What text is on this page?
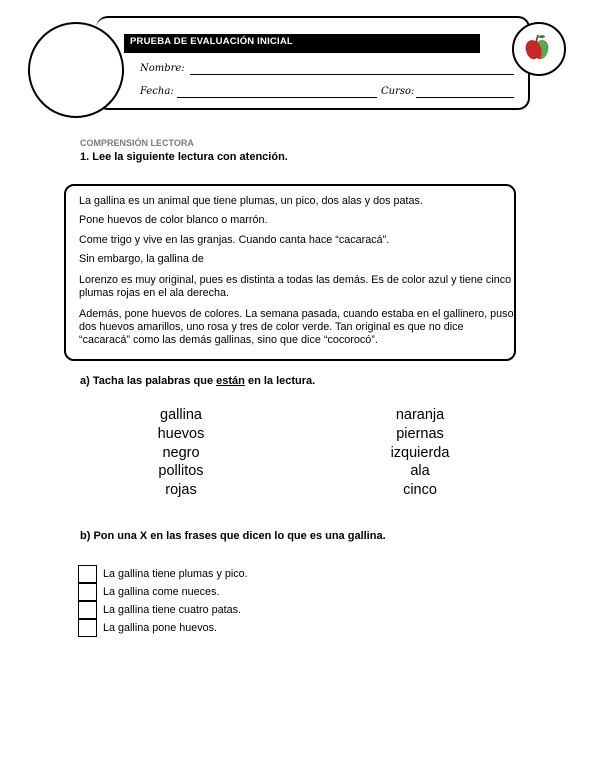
PRUEBA DE EVALUACIÓN INICIAL
Nombre:
Fecha:	Curso:
COMPRENSIÓN LECTORA
1. Lee la siguiente lectura con atención.
La gallina es un animal que tiene plumas, un pico, dos alas y dos patas.
Pone huevos de color blanco o marrón.
Come trigo y vive en las granjas. Cuando canta hace “cacaracá”.
Sin embargo, la gallina de
Lorenzo es muy original, pues es distinta a todas las demás. Es de color azul y tiene cinco plumas rojas en el ala derecha.
Además, pone huevos de colores. La semana pasada, cuando estaba en el gallinero, puso dos huevos amarillos, uno rosa y tres de color verde. Tan original es que no dice “cacaracá” como las demás gallinas, sino que dice “cocorocó”.
a) Tacha las palabras que están en la lectura.
gallina
huevos
negro
pollitos
rojas
naranja
piernas
izquierda
ala
cinco
b) Pon una X en las frases que dicen lo que es una gallina.
La gallina tiene plumas y pico.
La gallina come nueces.
La gallina tiene cuatro patas.
La gallina pone huevos.
